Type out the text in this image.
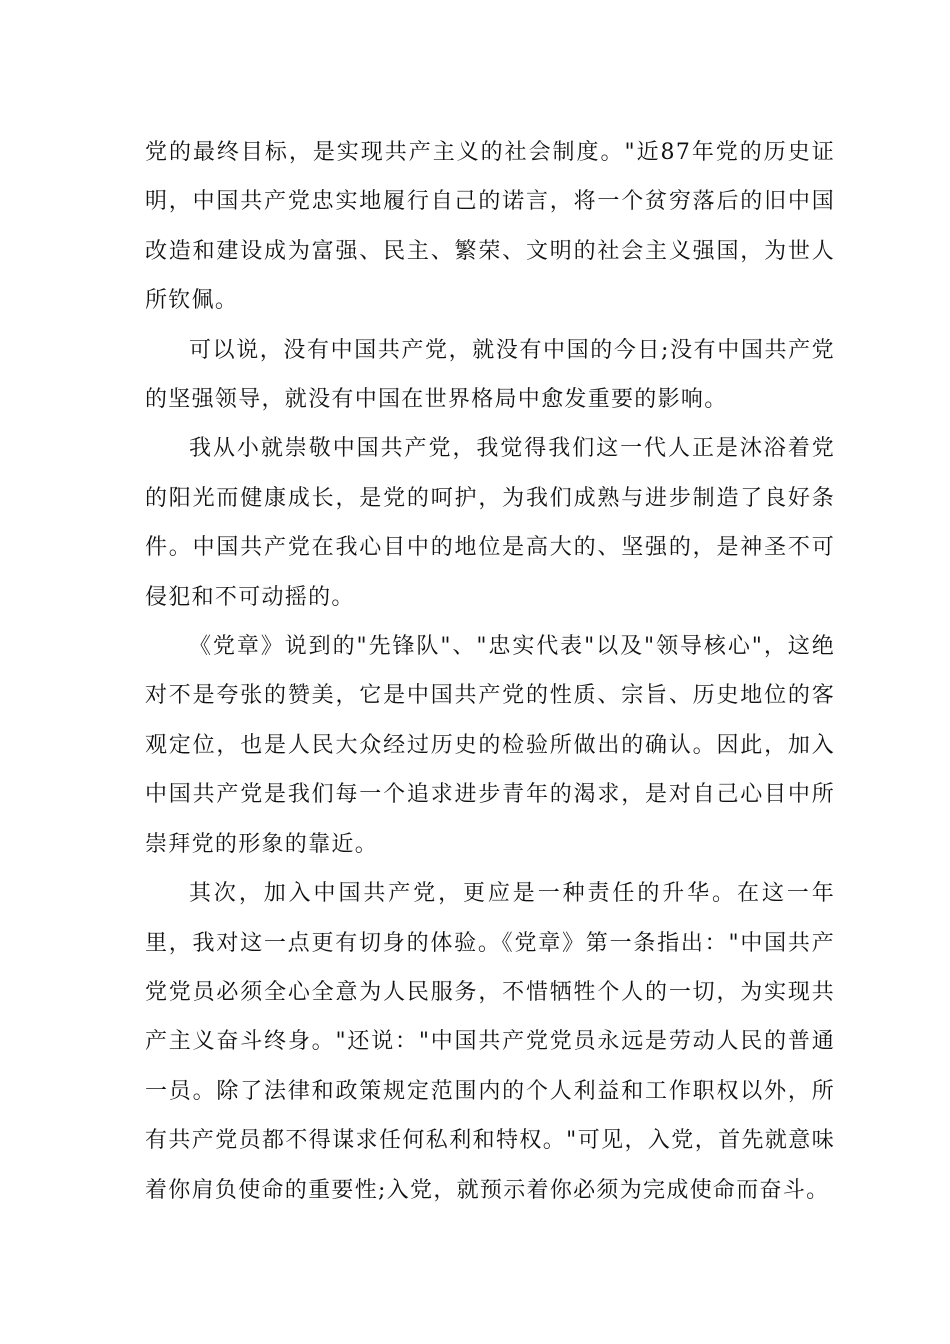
党的最终目标，是实现共产主义的社会制度。"近87年党的历史证明，中国共产党忠实地履行自己的诺言，将一个贫穷落后的旧中国改造和建设成为富强、民主、繁荣、文明的社会主义强国，为世人所钦佩。

可以说，没有中国共产党，就没有中国的今日;没有中国共产党的坚强领导，就没有中国在世界格局中愈发重要的影响。

我从小就崇敬中国共产党，我觉得我们这一代人正是沐浴着党的阳光而健康成长，是党的呵护，为我们成熟与进步制造了良好条件。中国共产党在我心目中的地位是高大的、坚强的，是神圣不可侵犯和不可动摇的。

《党章》说到的"先锋队"、"忠实代表"以及"领导核心"，这绝对不是夸张的赞美，它是中国共产党的性质、宗旨、历史地位的客观定位，也是人民大众经过历史的检验所做出的确认。因此，加入中国共产党是我们每一个追求进步青年的渴求，是对自己心目中所崇拜党的形象的靠近。

其次，加入中国共产党，更应是一种责任的升华。在这一年里，我对这一点更有切身的体验。《党章》第一条指出："中国共产党党员必须全心全意为人民服务，不惜牺牲个人的一切，为实现共产主义奋斗终身。"还说："中国共产党党员永远是劳动人民的普通一员。除了法律和政策规定范围内的个人利益和工作职权以外，所有共产党员都不得谋求任何私利和特权。"可见，入党，首先就意味着你肩负使命的重要性;入党，就预示着你必须为完成使命而奋斗。
